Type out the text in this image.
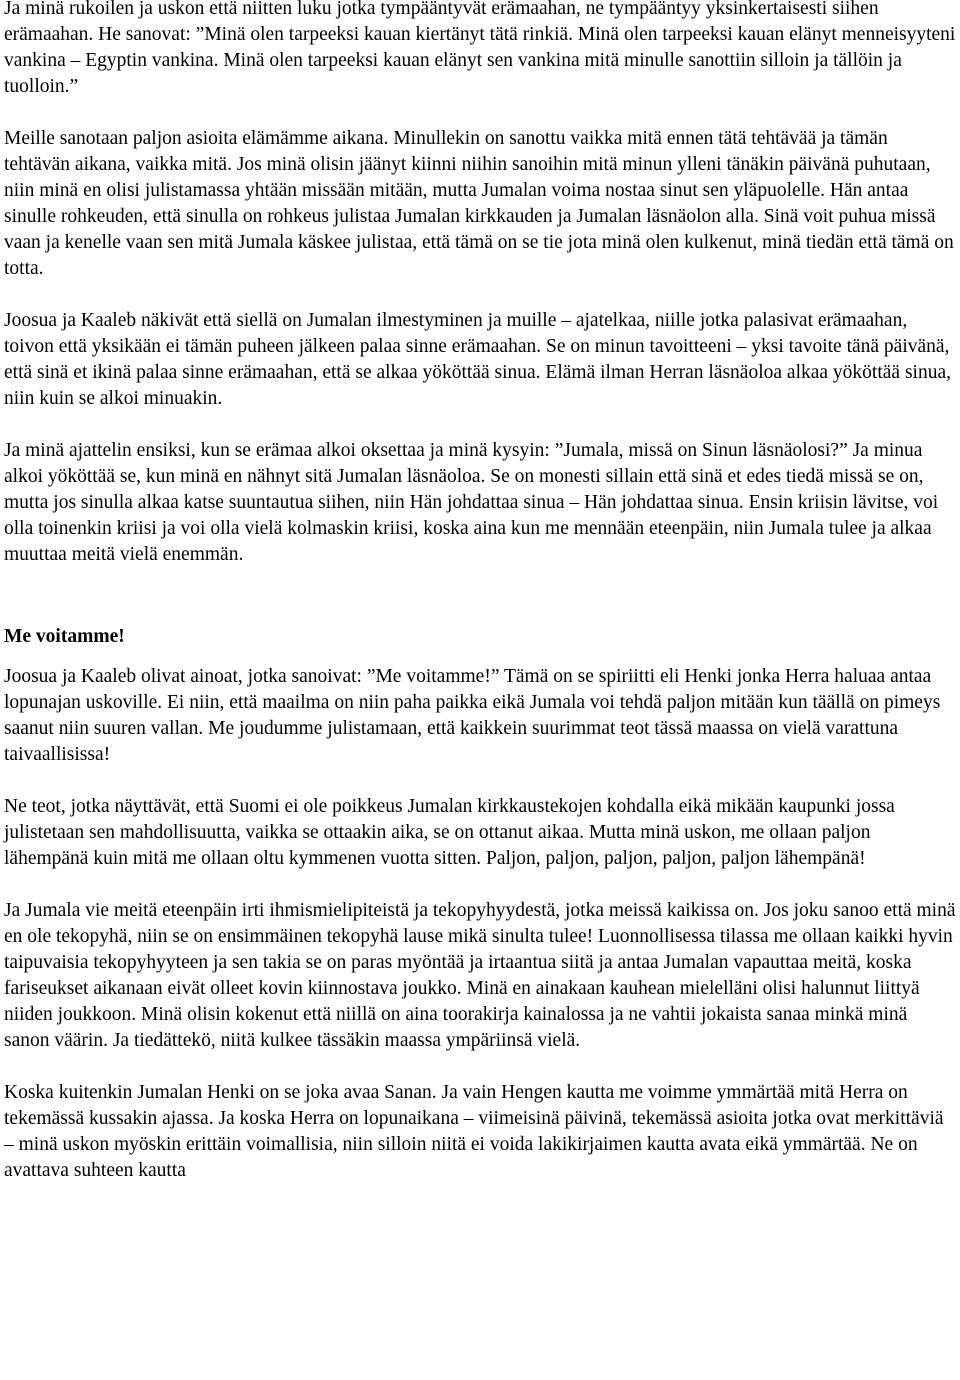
Ja minä rukoilen ja uskon että niitten luku jotka tympääntyvät erämaahan, ne tympääntyy yksinkertaisesti siihen erämaahan. He sanovat: ”Minä olen tarpeeksi kauan kiertänyt tätä rinkiä. Minä olen tarpeeksi kauan elänyt menneisyyteni vankina – Egyptin vankina. Minä olen tarpeeksi kauan elänyt sen vankina mitä minulle sanottiin silloin ja tällöin ja tuolloin.”

Meille sanotaan paljon asioita elämämme aikana. Minullekin on sanottu vaikka mitä ennen tätä tehtävää ja tämän tehtävän aikana, vaikka mitä. Jos minä olisin jäänyt kiinni niihin sanoihin mitä minun ylleni tänäkin päivänä puhutaan, niin minä en olisi julistamassa yhtään missään mitään, mutta Jumalan voima nostaa sinut sen yläpuolelle. Hän antaa sinulle rohkeuden, että sinulla on rohkeus julistaa Jumalan kirkkauden ja Jumalan läsnäolon alla. Sinä voit puhua missä vaan ja kenelle vaan sen mitä Jumala käskee julistaa, että tämä on se tie jota minä olen kulkenut, minä tiedän että tämä on totta.

Joosua ja Kaaleb näkivät että siellä on Jumalan ilmestyminen ja muille – ajatelkaa, niille jotka palasivat erämaahan, toivon että yksikään ei tämän puheen jälkeen palaa sinne erämaahan. Se on minun tavoitteeni – yksi tavoite tänä päivänä, että sinä et ikinä palaa sinne erämaahan, että se alkaa yököttää sinua. Elämä ilman Herran läsnäoloa alkaa yököttää sinua, niin kuin se alkoi minuakin.

Ja minä ajattelin ensiksi, kun se erämaa alkoi oksettaa ja minä kysyin: ”Jumala, missä on Sinun läsnäolosi?” Ja minua alkoi yököttää se, kun minä en nähnyt sitä Jumalan läsnäoloa. Se on monesti sillain että sinä et edes tiedä missä se on, mutta jos sinulla alkaa katse suuntautua siihen, niin Hän johdattaa sinua – Hän johdattaa sinua. Ensin kriisin lävitse, voi olla toinenkin kriisi ja voi olla vielä kolmaskin kriisi, koska aina kun me mennään eteenpäin, niin Jumala tulee ja alkaa muuttaa meitä vielä enemmän.

Me voitamme!

Joosua ja Kaaleb olivat ainoat, jotka sanoivat: ”Me voitamme!” Tämä on se spiriitti eli Henki jonka Herra haluaa antaa lopunajan uskoville. Ei niin, että maailma on niin paha paikka eikä Jumala voi tehdä paljon mitään kun täällä on pimeys saanut niin suuren vallan. Me joudumme julistamaan, että kaikkein suurimmat teot tässä maassa on vielä varattuna taivaallisissa!

Ne teot, jotka näyttävät, että Suomi ei ole poikkeus Jumalan kirkkaustekojen kohdalla eikä mikään kaupunki jossa julistetaan sen mahdollisuutta, vaikka se ottaakin aika, se on ottanut aikaa. Mutta minä uskon, me ollaan paljon lähempänä kuin mitä me ollaan oltu kymmenen vuotta sitten. Paljon, paljon, paljon, paljon, paljon lähempänä!

Ja Jumala vie meitä eteenpäin irti ihmismielipiteistä ja tekopyhyydestä, jotka meissä kaikissa on. Jos joku sanoo että minä en ole tekopyhä, niin se on ensimmäinen tekopyhä lause mikä sinulta tulee! Luonnollisessa tilassa me ollaan kaikki hyvin taipuvaisia tekopyhyyteen ja sen takia se on paras myöntää ja irtaantua siitä ja antaa Jumalan vapauttaa meitä, koska fariseukset aikanaan eivät olleet kovin kiinnostava joukko. Minä en ainakaan kauhean mielelläni olisi halunnut liittyä niiden joukkoon. Minä olisin kokenut että niillä on aina toorakirja kainalossa ja ne vahtii jokaista sanaa minkä minä sanon väärin. Ja tiedättekö, niitä kulkee tässäkin maassa ympäriinsä vielä.

Koska kuitenkin Jumalan Henki on se joka avaa Sanan. Ja vain Hengen kautta me voimme ymmärtää mitä Herra on tekemässä kussakin ajassa. Ja koska Herra on lopunaikana – viimeisinä päivinä, tekemässä asioita jotka ovat merkittäviä – minä uskon myöskin erittäin voimallisia, niin silloin niitä ei voida lakikirjaimen kautta avata eikä ymmärtää. Ne on avattava suhteen kautta
